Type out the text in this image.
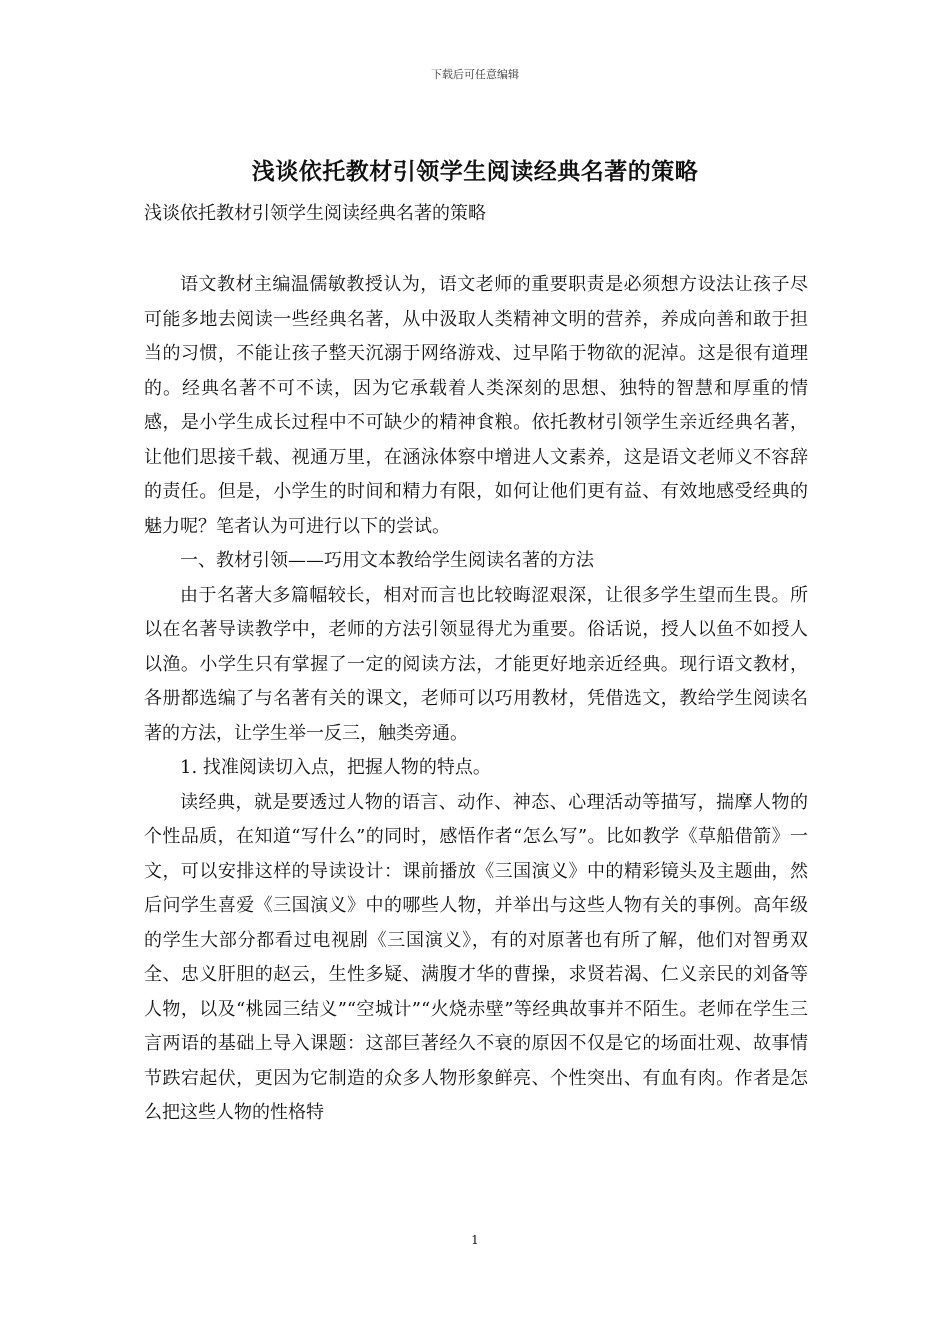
下载后可任意编辑
浅谈依托教材引领学生阅读经典名著的策略
浅谈依托教材引领学生阅读经典名著的策略

语文教材主编温儒敏教授认为，语文老师的重要职责是必须想方设法让孩子尽可能多地去阅读一些经典名著，从中汲取人类精神文明的营养，养成向善和敢于担当的习惯，不能让孩子整天沉溺于网络游戏、过早陷于物欲的泥淖。这是很有道理的。经典名著不可不读，因为它承载着人类深刻的思想、独特的智慧和厚重的情感，是小学生成长过程中不可缺少的精神食粮。依托教材引领学生亲近经典名著，让他们思接千载、视通万里，在涵泳体察中增进人文素养，这是语文老师义不容辞的责任。但是，小学生的时间和精力有限，如何让他们更有益、有效地感受经典的魅力呢？笔者认为可进行以下的尝试。

一、教材引领——巧用文本教给学生阅读名著的方法

由于名著大多篇幅较长，相对而言也比较晦涩艰深，让很多学生望而生畏。所以在名著导读教学中，老师的方法引领显得尤为重要。俗话说，授人以鱼不如授人以渔。小学生只有掌握了一定的阅读方法，才能更好地亲近经典。现行语文教材，各册都选编了与名著有关的课文，老师可以巧用教材，凭借选文，教给学生阅读名著的方法，让学生举一反三，触类旁通。

1. 找准阅读切入点，把握人物的特点。

读经典，就是要透过人物的语言、动作、神态、心理活动等描写，揣摩人物的个性品质，在知道“写什么”的同时，感悟作者“怎么写”。比如教学《草船借箭》一文，可以安排这样的导读设计：课前播放《三国演义》中的精彩镜头及主题曲，然后问学生喜爱《三国演义》中的哪些人物，并举出与这些人物有关的事例。高年级的学生大部分都看过电视剧《三国演义》，有的对原著也有所了解，他们对智勇双全、忠义肝胆的赵云，生性多疑、满腹才华的曹操，求贤若渴、仁义亲民的刘备等人物，以及“桃园三结义”“空城计”“火烧赤壁”等经典故事并不陌生。老师在学生三言两语的基础上导入课题：这部巨著经久不衰的原因不仅是它的场面壮观、故事情节跌宕起伏，更因为它制造的众多人物形象鲜亮、个性突出、有血有肉。作者是怎么把这些人物的性格特

1
